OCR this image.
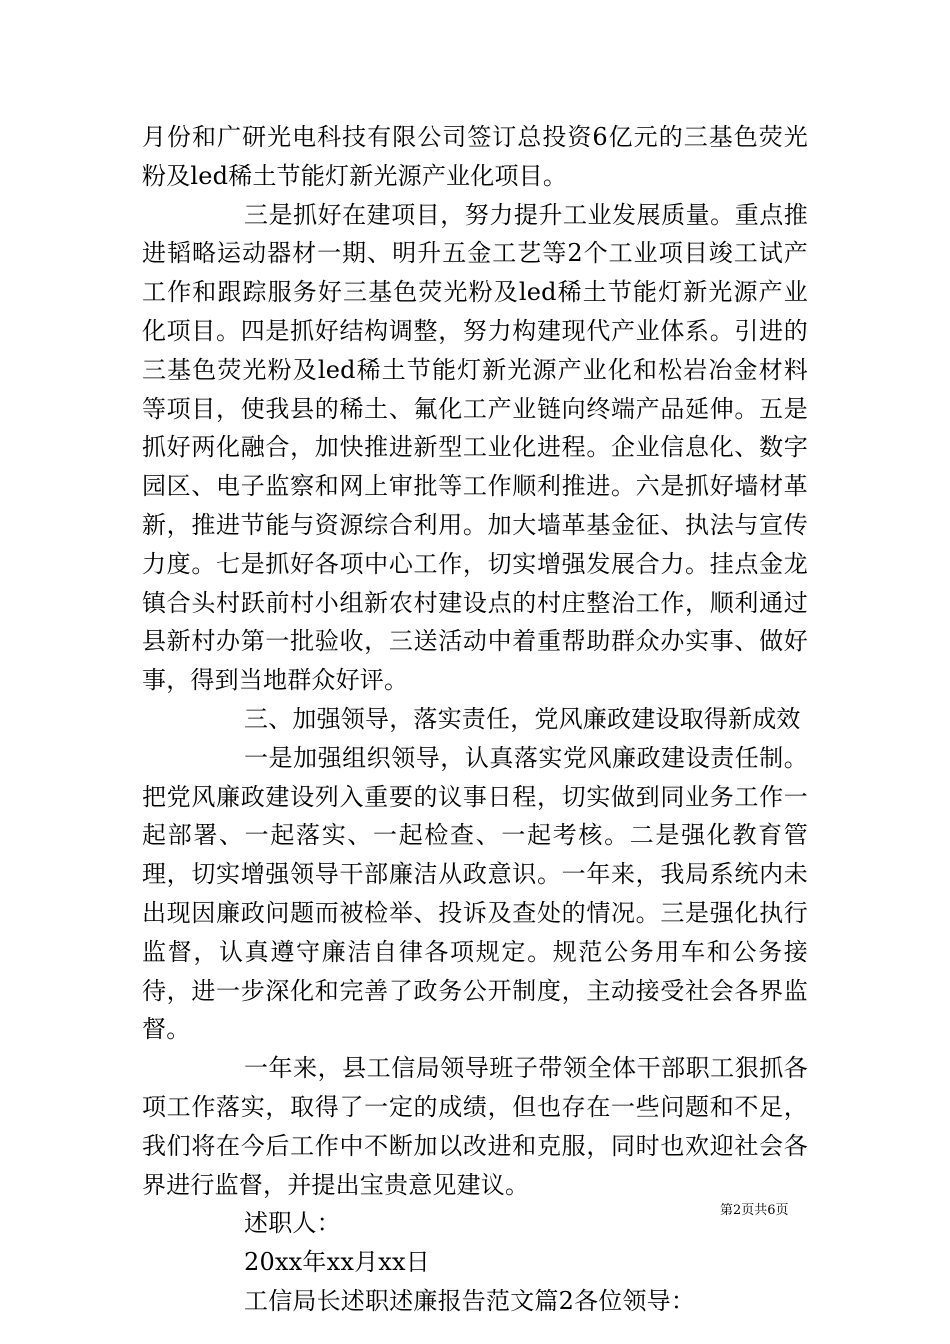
月份和广研光电科技有限公司签订总投资6亿元的三基色荧光粉及led稀土节能灯新光源产业化项目。

三是抓好在建项目，努力提升工业发展质量。重点推进韬略运动器材一期、明升五金工艺等2个工业项目竣工试产工作和跟踪服务好三基色荧光粉及led稀土节能灯新光源产业化项目。四是抓好结构调整，努力构建现代产业体系。引进的三基色荧光粉及led稀土节能灯新光源产业化和松岩冶金材料等项目，使我县的稀土、氟化工产业链向终端产品延伸。五是抓好两化融合，加快推进新型工业化进程。企业信息化、数字园区、电子监察和网上审批等工作顺利推进。六是抓好墙材革新，推进节能与资源综合利用。加大墙革基金征、执法与宣传力度。七是抓好各项中心工作，切实增强发展合力。挂点金龙镇合头村跃前村小组新农村建设点的村庄整治工作，顺利通过县新村办第一批验收，三送活动中着重帮助群众办实事、做好事，得到当地群众好评。

三、加强领导，落实责任，党风廉政建设取得新成效

一是加强组织领导，认真落实党风廉政建设责任制。把党风廉政建设列入重要的议事日程，切实做到同业务工作一起部署、一起落实、一起检查、一起考核。二是强化教育管理，切实增强领导干部廉洁从政意识。一年来，我局系统内未出现因廉政问题而被检举、投诉及查处的情况。三是强化执行监督，认真遵守廉洁自律各项规定。规范公务用车和公务接待，进一步深化和完善了政务公开制度，主动接受社会各界监督。

一年来，县工信局领导班子带领全体干部职工狠抓各项工作落实，取得了一定的成绩，但也存在一些问题和不足，我们将在今后工作中不断加以改进和克服，同时也欢迎社会各界进行监督，并提出宝贵意见建议。

述职人：

20xx年xx月xx日

工信局长述职述廉报告范文篇2各位领导：

第2页共6页
